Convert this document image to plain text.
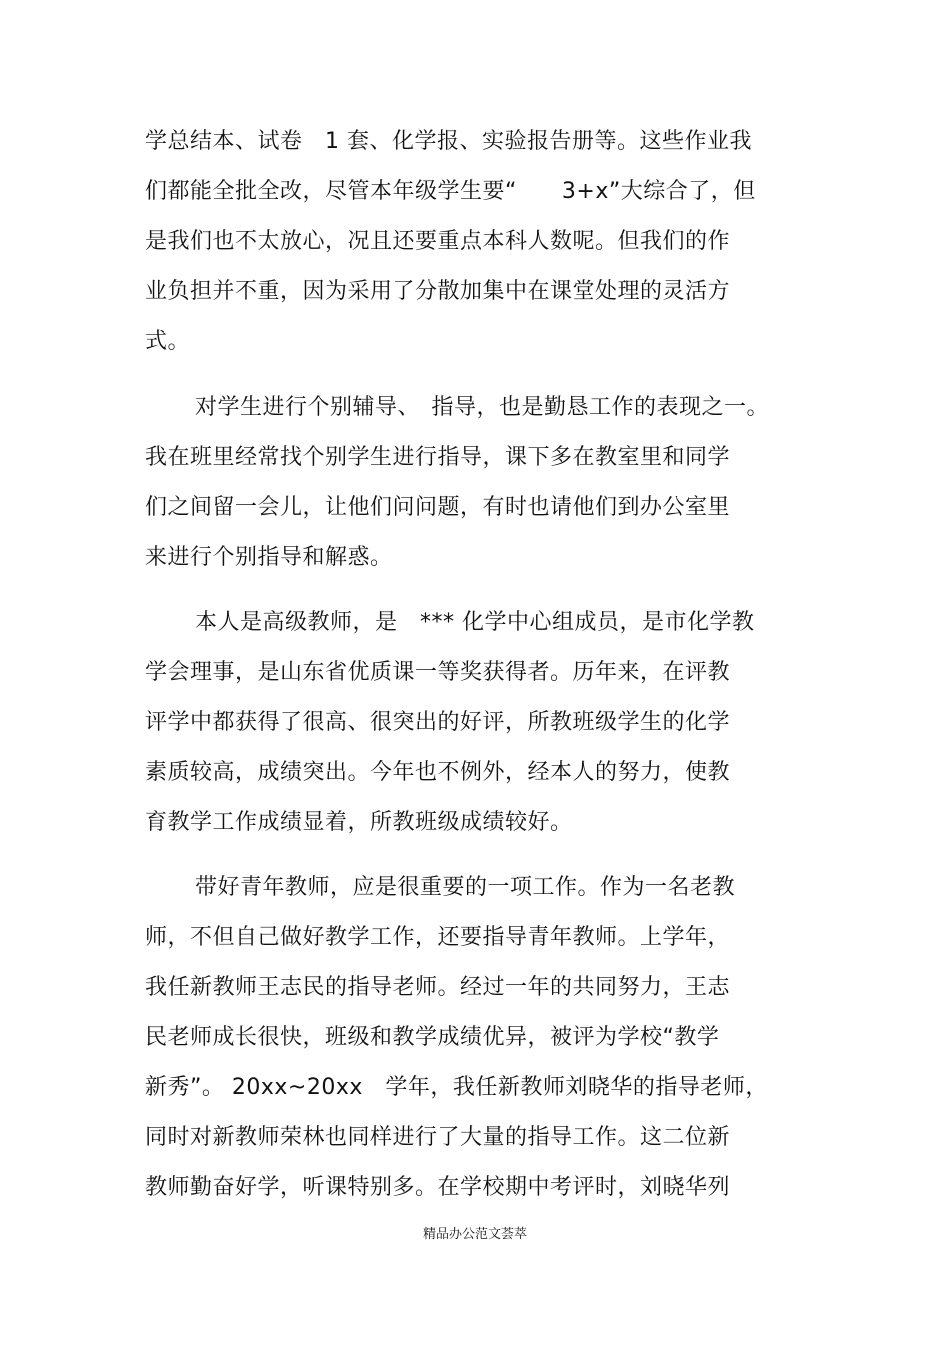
学总结本、试卷　1 套、化学报、实验报告册等。这些作业我
们都能全批全改，尽管本年级学生要“　　3+x”大综合了，但
是我们也不太放心，况且还要重点本科人数呢。但我们的作
业负担并不重，因为采用了分散加集中在课堂处理的灵活方
式。
对学生进行个别辅导、　指导，也是勤恳工作的表现之一。
我在班里经常找个别学生进行指导，课下多在教室里和同学
们之间留一会儿，让他们问问题，有时也请他们到办公室里
来进行个别指导和解惑。
本人是高级教师，是　*** 化学中心组成员，是市化学教
学会理事，是山东省优质课一等奖获得者。历年来，在评教
评学中都获得了很高、很突出的好评，所教班级学生的化学
素质较高，成绩突出。今年也不例外，经本人的努力，使教
育教学工作成绩显着，所教班级成绩较好。
带好青年教师，应是很重要的一项工作。作为一名老教
师，不但自己做好教学工作，还要指导青年教师。上学年，
我任新教师王志民的指导老师。经过一年的共同努力，王志
民老师成长很快，班级和教学成绩优异，被评为学校“教学
新秀”。 20xx~20xx　学年，我任新教师刘晓华的指导老师，
同时对新教师荣林也同样进行了大量的指导工作。这二位新
教师勤奋好学，听课特别多。在学校期中考评时，刘晓华列
精品办公范文荟萃
